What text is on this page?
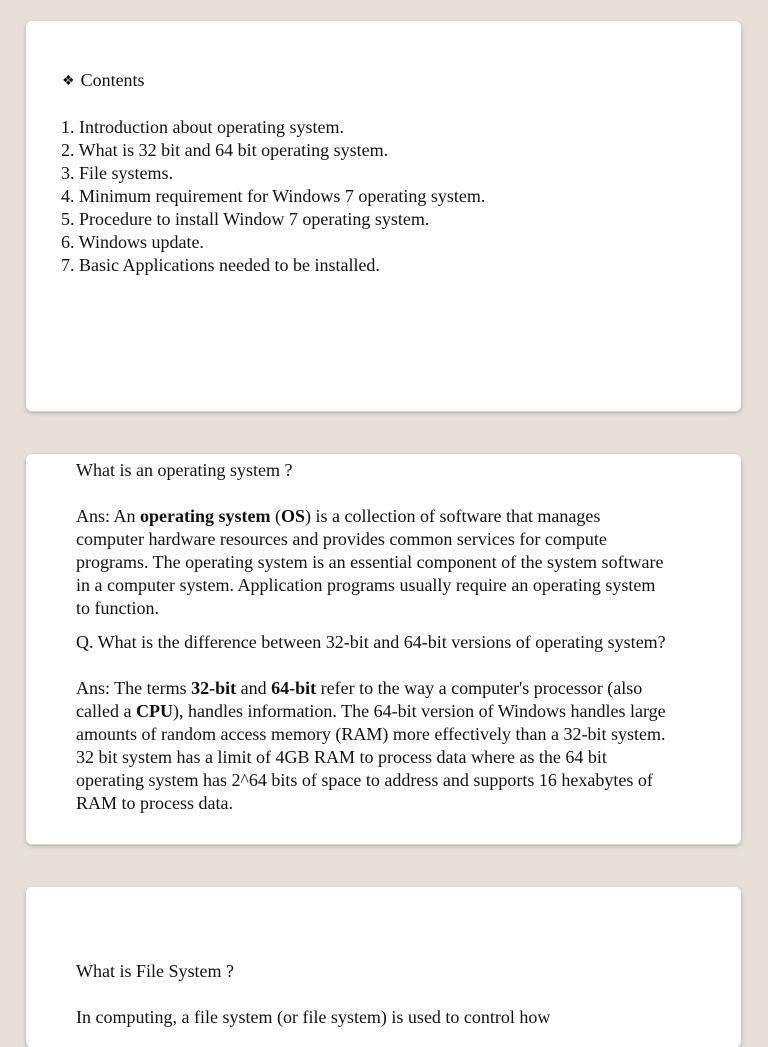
❖ Contents
1. Introduction about operating system.
2. What is 32 bit and 64 bit operating system.
3. File systems.
4. Minimum requirement for Windows 7 operating system.
5. Procedure to install Window 7 operating system.
6. Windows update.
7. Basic Applications needed to be installed.

What is an operating system ?

Ans: An operating system (OS) is a collection of software that manages computer hardware resources and provides common services for compute programs. The operating system is an essential component of the system software in a computer system. Application programs usually require an operating system to function.

Q. What is the difference between 32-bit and 64-bit versions of operating system?

Ans: The terms 32-bit and 64-bit refer to the way a computer's processor (also called a CPU), handles information. The 64-bit version of Windows handles large amounts of random access memory (RAM) more effectively than a 32-bit system. 32 bit system has a limit of 4GB RAM to process data where as the 64 bit operating system has 2^64 bits of space to address and supports 16 hexabytes of RAM to process data.

What is File System ?

In computing, a file system (or file system) is used to control how
